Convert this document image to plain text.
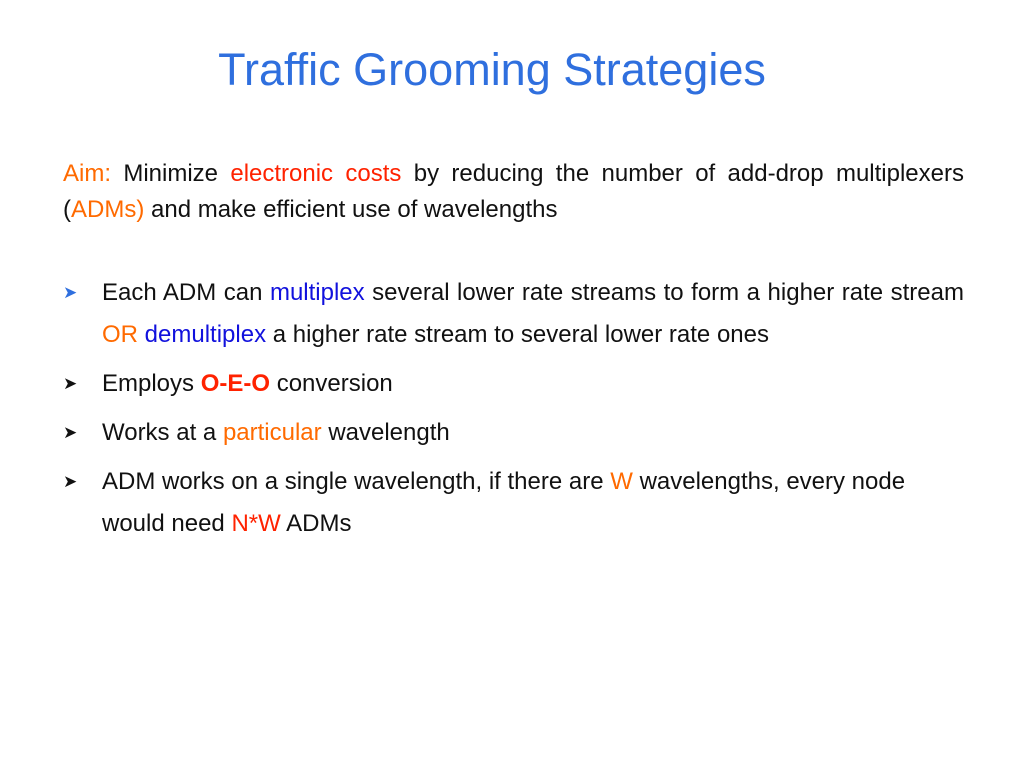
Traffic Grooming Strategies
Aim: Minimize electronic costs by reducing the number of add-drop multiplexers (ADMs) and make efficient use of wavelengths
➤ Each ADM can multiplex several lower rate streams to form a higher rate stream OR demultiplex a higher rate stream to several lower rate ones
➤ Employs O-E-O conversion
➤ Works at a particular wavelength
➤ ADM works on a single wavelength, if there are W wavelengths, every node would need N*W ADMs
